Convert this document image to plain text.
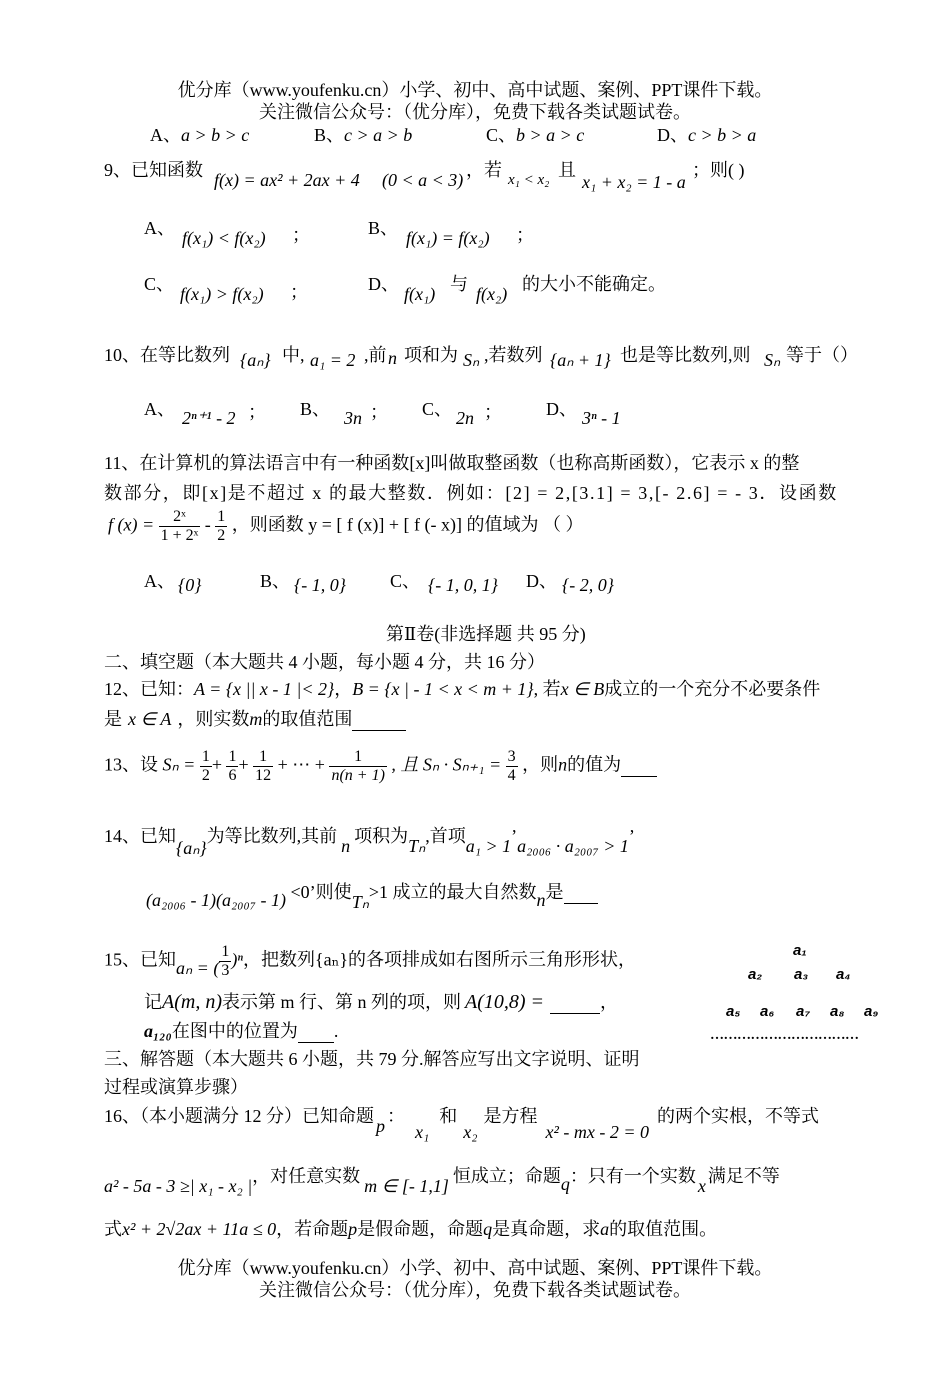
优分库（www.youfenku.cn）小学、初中、高中试题、案例、PPT课件下载。
关注微信公众号：（优分库），免费下载各类试题试卷。
A、a > b > c	B、c > a > b	C、b > a > c	D、c > b > a
9、已知函数 f(x) = ax² + 2ax + 4 (0 < a < 3) ，若 x₁ < x₂ 且
x₁ + x₂ = 1 - a
；则( )
A、 f(x₁) < f(x₂) ；	B、 f(x₁) = f(x₂) ；
C、 f(x₁) > f(x₂) ；	D、 f(x₁) 与 f(x₂) 的大小不能确定。
10、在等比数列 {aₙ} 中, a₁ = 2 ,前 n 项和为 Sₙ ,若数列 {aₙ + 1} 也是等比数列,则 Sₙ 等于（）
A、 2ⁿ⁺¹ - 2 ； B、 3n ； C、 2n ； D、 3ⁿ - 1
11、在计算机的算法语言中有一种函数[x]叫做取整函数（也称高斯函数），它表示 x 的整
数部分，即[x]是不超过 x 的最大整数．例如：[2] = 2,[3.1] = 3,[- 2.6] = - 3．设函数
f $(x) = \frac{\text{2ˣ}}{\text{1 + 2ˣ}} - \frac{1}{2}$ ，则函数 y = [ f (x)] + [ f (- x)] 的值域为 （ ）
A、 {0}	B、 {- 1, 0} C、 {- 1, 0, 1} D、 {- 2, 0}
第Ⅱ卷(非选择题 共 95 分)
二、填空题（本大题共 4 小题，每小题 4 分，共 16 分）
12、已知：A = {x || x - 1 |< 2}，B = {x | - 1 < x < m + 1}, 若x ∈ B成立的一个充分不必要条件
是 x ∈ A ，则实数m的取值范围
13、设 $S_n = \frac{1}{2} + \frac{1}{6} + \frac{1}{12}$ + ⋯ + $\frac{1}{n(n + 1)}$ , 且 $S_n \cdot S_{n+1} = \frac{3}{4}$ ，则n的值为
14、已知{aₙ}为等比数列,其前 n 项积为Tₙ,首项a₁ > 1’a₂₀₀₆ · a₂₀₀₇ > 1’
(a₂₀₀₆ - 1)(a₂₀₀₇ - 1) <0’则使Tₙ>1 成立的最大自然数n是
15、已知aₙ = ( $\frac{1}{3} )^n$，把数列{aₙ}的各项排成如右图所示三角形形状，
记A(m, n)表示第 m 行、第 n 列的项，则 A(10,8) =	，
a₁₂₀在图中的位置为 .
a₁
a₂ a₃ a₄
a₅ a₆ a₇ a₈ a₉
……………………………
三、解答题（本大题共 6 小题，共 79 分.解答应写出文字说明、证明
过程或演算步骤）
16、（本小题满分 12 分）已知命题 p ：x₁和x₂是方程x² - mx - 2 = 0的两个实根，不等式
a² - 5a - 3 ≥| x₁ - x₂ |，对任意实数 m ∈ [- 1,1] 恒成立；命题q：只有一个实数 x 满足不等
式x² + 2√2ax + 11a ≤ 0，若命题p是假命题，命题q是真命题，求a的取值范围。
优分库（www.youfenku.cn）小学、初中、高中试题、案例、PPT课件下载。
关注微信公众号：（优分库），免费下载各类试题试卷。
